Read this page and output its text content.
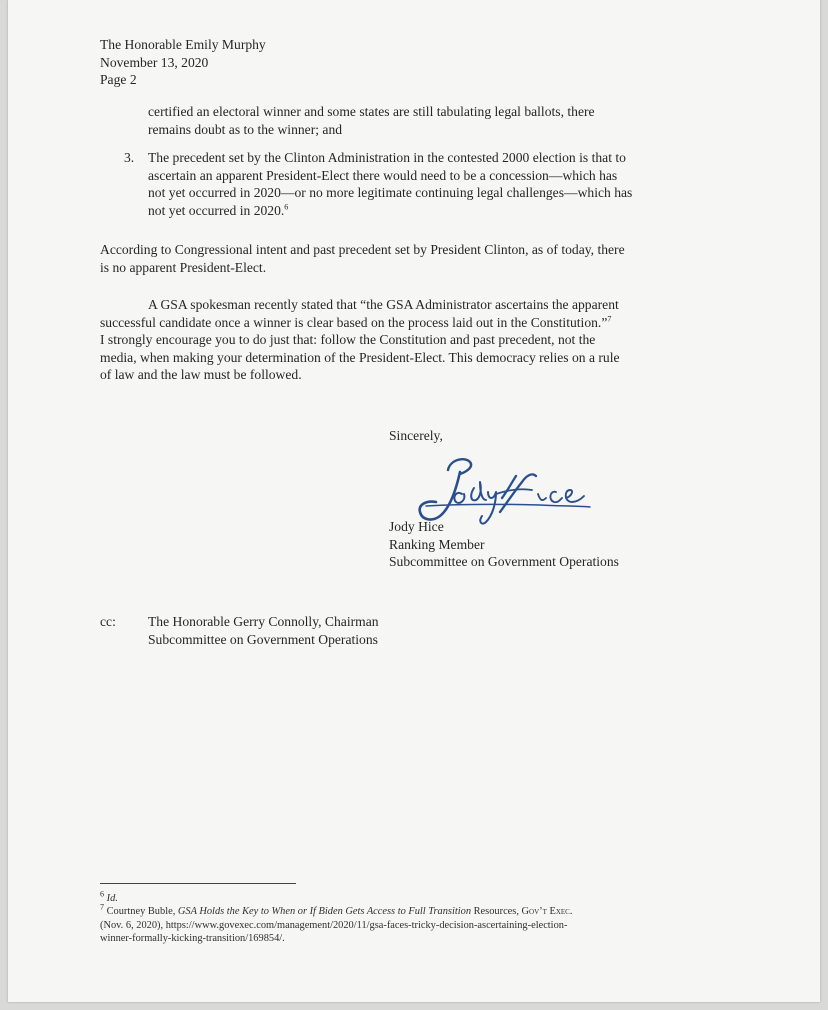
The Honorable Emily Murphy
November 13, 2020
Page 2
certified an electoral winner and some states are still tabulating legal ballots, there
remains doubt as to the winner; and
3. The precedent set by the Clinton Administration in the contested 2000 election is that to
ascertain an apparent President-Elect there would need to be a concession—which has
not yet occurred in 2020—or no more legitimate continuing legal challenges—which has
not yet occurred in 2020.$^6$
According to Congressional intent and past precedent set by President Clinton, as of today, there
is no apparent President-Elect.
A GSA spokesman recently stated that “the GSA Administrator ascertains the apparent
successful candidate once a winner is clear based on the process laid out in the Constitution.”$^7$
I strongly encourage you to do just that: follow the Constitution and past precedent, not the
media, when making your determination of the President-Elect. This democracy relies on a rule
of law and the law must be followed.
Sincerely,
Jody Hice
Ranking Member
Subcommittee on Government Operations
cc: The Honorable Gerry Connolly, Chairman
Subcommittee on Government Operations
$^6$ Id.
$^7$ Courtney Buble, GSA Holds the Key to When or If Biden Gets Access to Full Transition Resources, Gov’t Exec.
(Nov. 6, 2020), https://www.govexec.com/management/2020/11/gsa-faces-tricky-decision-ascertaining-election-
winner-formally-kicking-transition/169854/.
